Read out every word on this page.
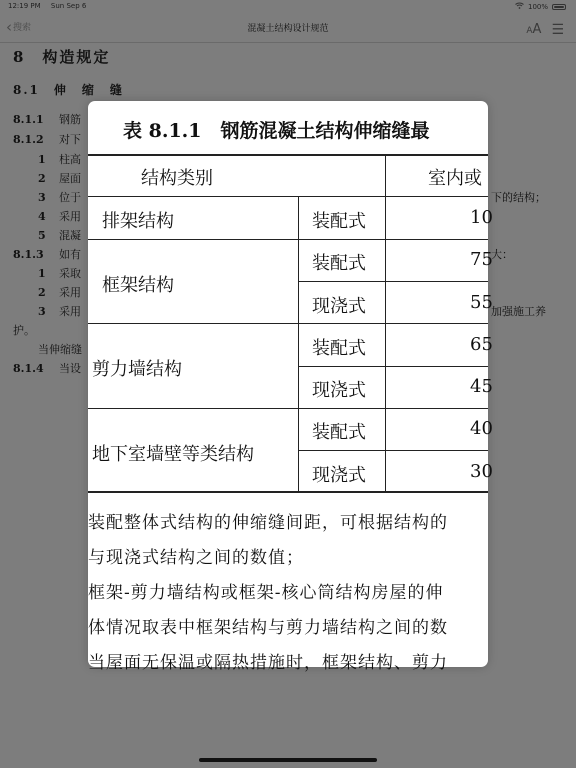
12:19 PM Sun Sep 6	100%
‹ 搜索	混凝土结构设计规范	AA ☰
8　构造规定
8.1　伸　缩　缝
8.1.1 钢筋
8.1.2 对下
1 柱高
2 屋面
3 位于
4 采用
5 混凝
8.1.3 如有
1 采取
2 采用
3 采用
下的结构；
大：
加强施工养
护。
当伸缩缝
8.1.4 当设
表 8.1.1　钢筋混凝土结构伸缩缝最
结构类别	室内或
排架结构	装配式	10
框架结构
装配式	75
现浇式	55
剪力墙结构
装配式	65
现浇式	45
地下室墙壁等类结构
装配式	40
现浇式	30
装配整体式结构的伸缩缝间距，可根据结构的
与现浇式结构之间的数值；
框架-剪力墙结构或框架-核心筒结构房屋的伸
体情况取表中框架结构与剪力墙结构之间的数
当屋面无保温或隔热措施时，框架结构、剪力
